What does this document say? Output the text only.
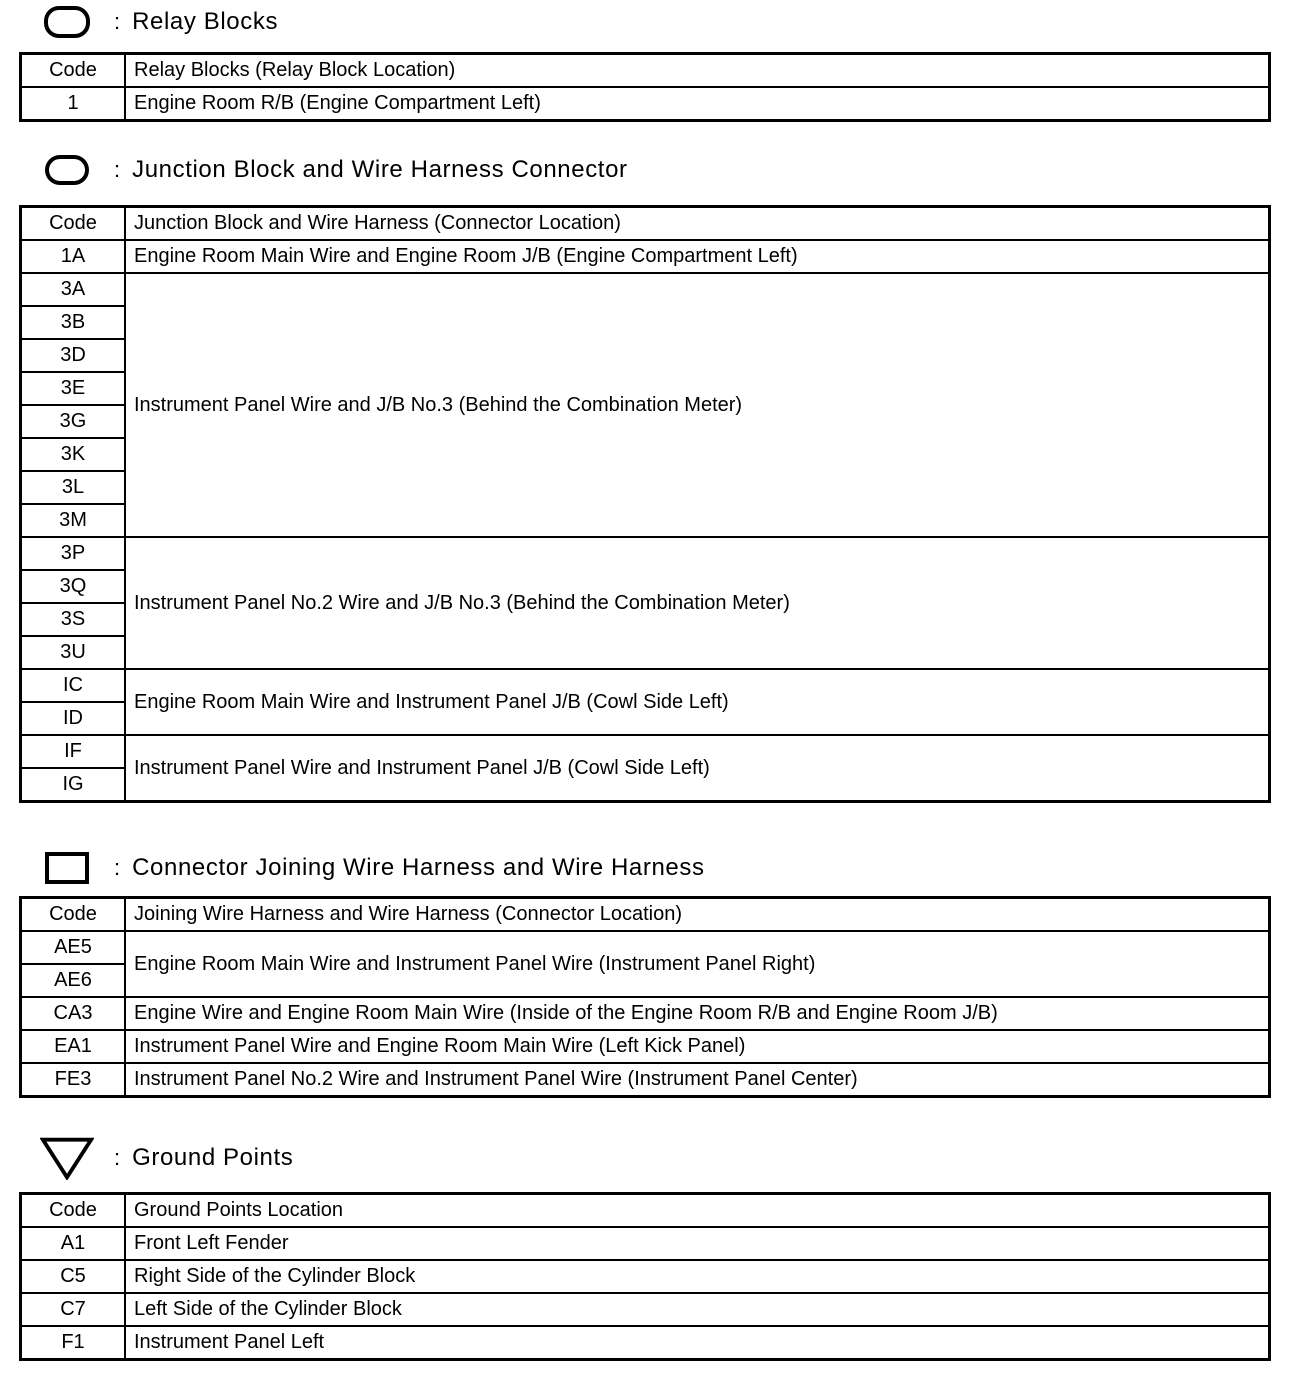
: Relay Blocks
Code	Relay Blocks (Relay Block Location)
1	Engine Room R/B (Engine Compartment Left)
: Junction Block and Wire Harness Connector
Code	Junction Block and Wire Harness (Connector Location)
1A	Engine Room Main Wire and Engine Room J/B (Engine Compartment Left)
3A	Instrument Panel Wire and J/B No.3 (Behind the Combination Meter)
3B	
3D	
3E	
3G	
3K	
3L	
3M	
3P	Instrument Panel No.2 Wire and J/B No.3 (Behind the Combination Meter)
3Q	
3S	
3U	
IC	Engine Room Main Wire and Instrument Panel J/B (Cowl Side Left)
ID	
IF	Instrument Panel Wire and Instrument Panel J/B (Cowl Side Left)
IG	
: Connector Joining Wire Harness and Wire Harness
Code	Joining Wire Harness and Wire Harness (Connector Location)
AE5	Engine Room Main Wire and Instrument Panel Wire (Instrument Panel Right)
AE6	
CA3	Engine Wire and Engine Room Main Wire (Inside of the Engine Room R/B and Engine Room J/B)
EA1	Instrument Panel Wire and Engine Room Main Wire (Left Kick Panel)
FE3	Instrument Panel No.2 Wire and Instrument Panel Wire (Instrument Panel Center)
: Ground Points
Code	Ground Points Location
A1	Front Left Fender
C5	Right Side of the Cylinder Block
C7	Left Side of the Cylinder Block
F1	Instrument Panel Left
